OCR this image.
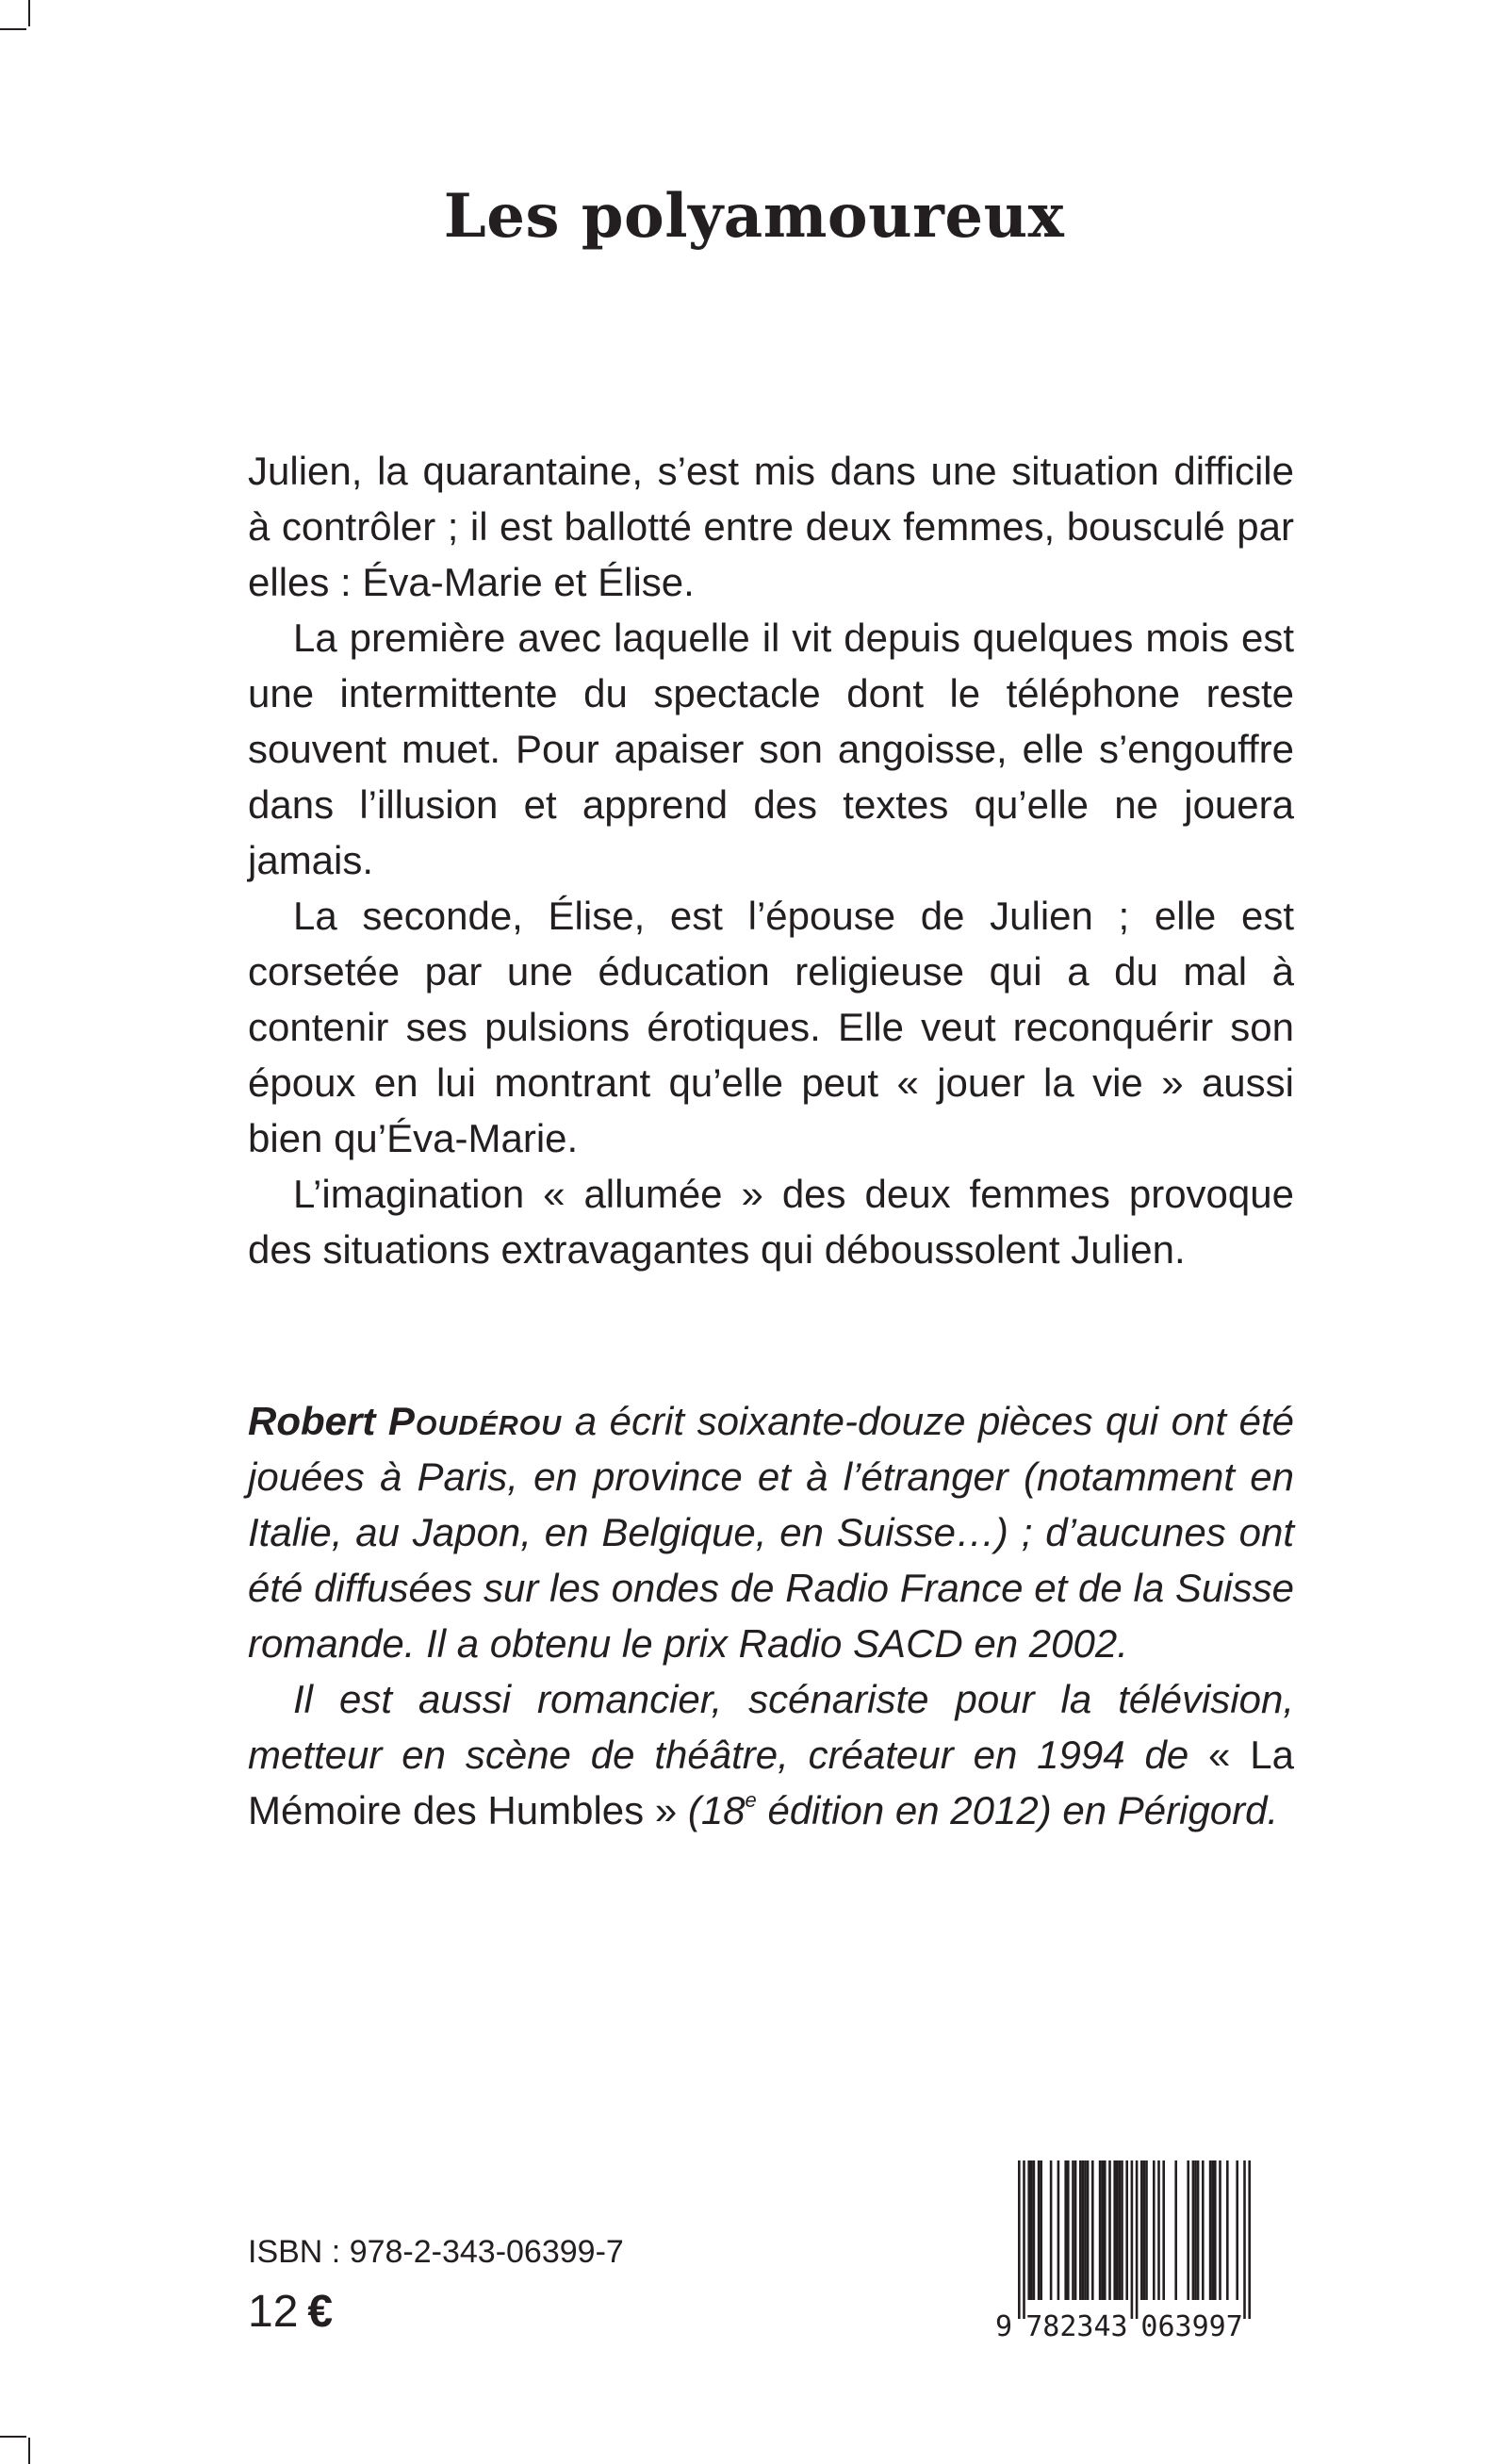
Les polyamoureux

Julien, la quarantaine, s’est mis dans une situation difficile à contrôler ; il est ballotté entre deux femmes, bousculé par elles : Éva-Marie et Élise.

La première avec laquelle il vit depuis quelques mois est une intermittente du spectacle dont le téléphone reste souvent muet. Pour apaiser son angoisse, elle s’engouffre dans l’illusion et apprend des textes qu’elle ne jouera jamais.

La seconde, Élise, est l’épouse de Julien ; elle est corsetée par une éducation religieuse qui a du mal à contenir ses pulsions érotiques. Elle veut reconquérir son époux en lui montrant qu’elle peut « jouer la vie » aussi bien qu’Éva-Marie.

L’imagination « allumée » des deux femmes provoque des situations extravagantes qui déboussolent Julien.

Robert Poudérou a écrit soixante-douze pièces qui ont été jouées à Paris, en province et à l’étranger (notamment en Italie, au Japon, en Belgique, en Suisse…) ; d’aucunes ont été diffusées sur les ondes de Radio France et de la Suisse romande. Il a obtenu le prix Radio SACD en 2002.

Il est aussi romancier, scénariste pour la télévision, metteur en scène de théâtre, créateur en 1994 de « La Mémoire des Humbles » (18e édition en 2012) en Périgord.

ISBN : 978-2-343-06399-7
12 €	9 782343 063997
